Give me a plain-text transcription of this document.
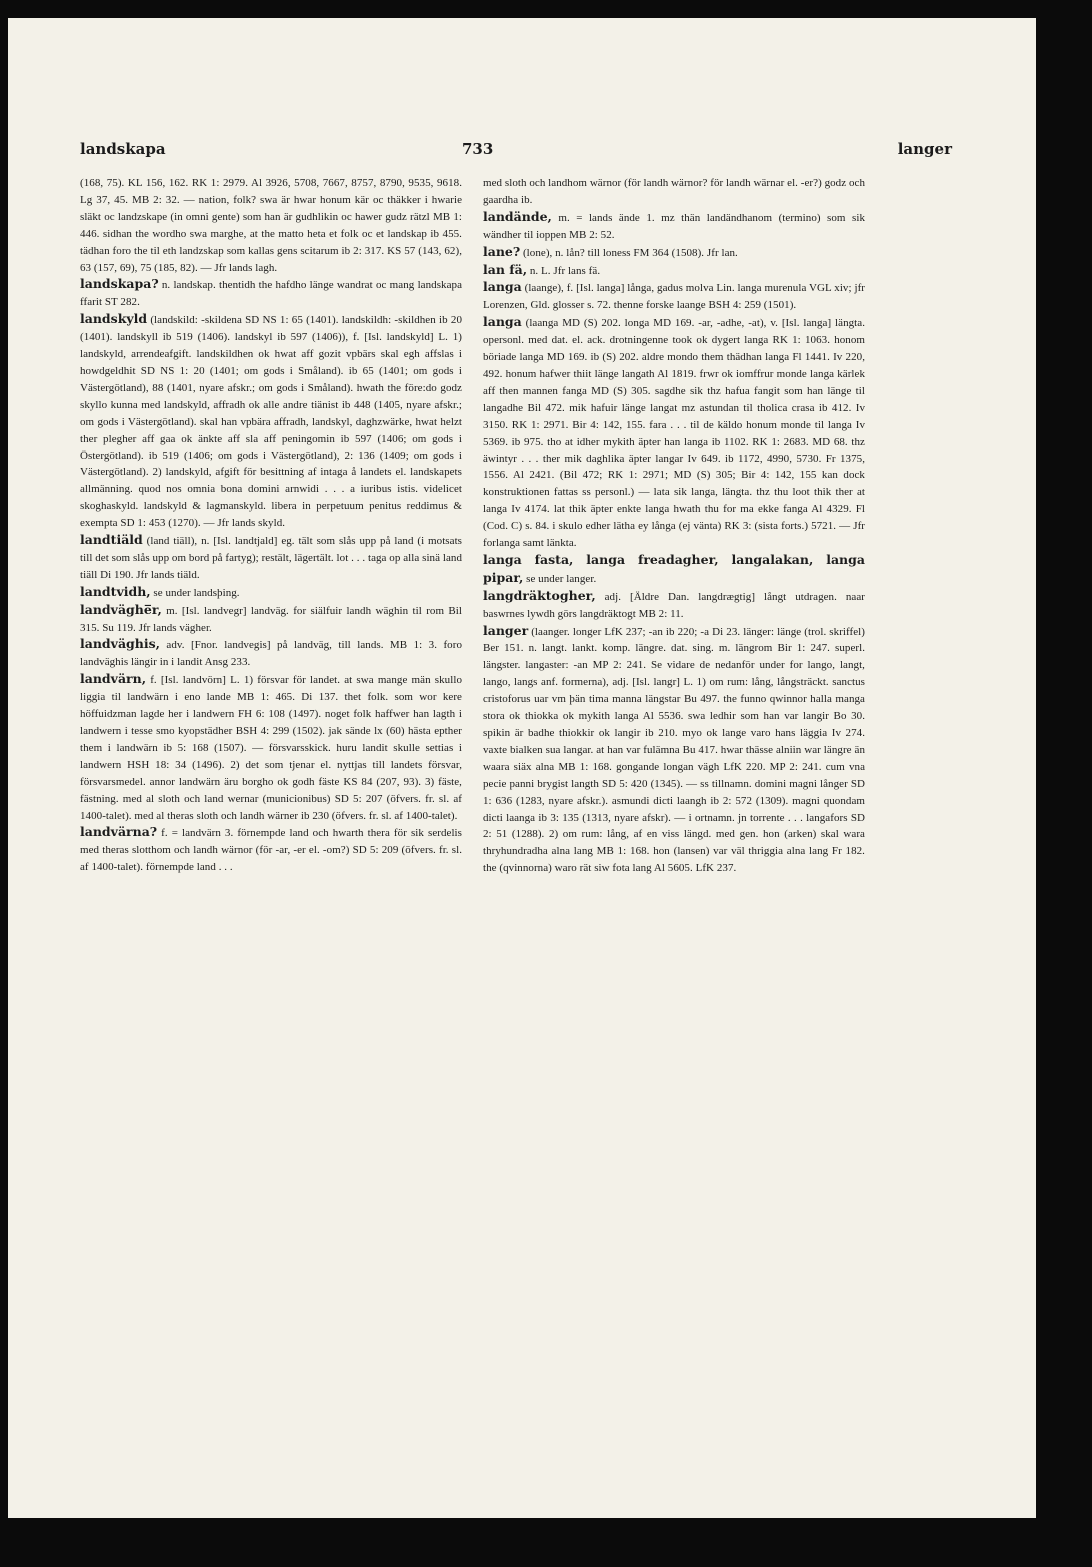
landskapa	733	langer

(168, 75). KL 156, 162. RK 1: 2979. Al 3926, 5708, 7667, 8757, 8790, 9535, 9618. Lg 37, 45. MB 2: 32. — nation, folk? swa är hwar honum kär oc thäkker i hwarie släkt oc landzskape (in omni gente) som han är gudhlikin oc hawer gudz rätzl MB 1: 446. sidhan the wordho swa marghe, at the matto heta et folk oc et landskap ib 455. tädhan foro the til eth landzskap som kallas gens scitarum ib 2: 317. KS 57 (143, 62), 63 (157, 69), 75 (185, 82). — Jfr lands lagh.

landskapa? n. landskap. thentidh the hafdho länge wandrat oc mang landskapa ffarit ST 282.

landskyld (landskild: -skildena SD NS 1: 65 (1401). landskildh: -skildhen ib 20 (1401). landskyll ib 519 (1406). landskyl ib 597 (1406)), f. [Isl. landskyld] L. 1) landskyld, arrendeafgift. landskildhen ok hwat aff gozit vpbärs skal egh affslas i howdgeldhit SD NS 1: 20 (1401; om gods i Småland). ib 65 (1401; om gods i Västergötland), 88 (1401, nyare afskr.; om gods i Småland). hwath the före:do godz skyllo kunna med landskyld, affradh ok alle andre tiänist ib 448 (1405, nyare afskr.; om gods i Västergötland). skal han vpbära affradh, landskyl, daghzwärke, hwat helzt ther plegher aff gaa ok änkte aff sla aff peningomin ib 597 (1406; om gods i Östergötland). ib 519 (1406; om gods i Västergötland), 2: 136 (1409; om gods i Västergötland). 2) landskyld, afgift för besittning af intaga å landets el. landskapets allmänning. quod nos omnia bona domini arnwidi . . . a iuribus istis. videlicet skoghaskyld. landskyld & lagmanskyld. libera in perpetuum penitus reddimus & exempta SD 1: 453 (1270). — Jfr lands skyld.

landtiäld (land tiäll), n. [Isl. landtjald] eg. tält som slås upp på land (i motsats till det som slås upp om bord på fartyg); restält, lägertält. lot . . . taga op alla sinä land tiäll Di 190. Jfr lands tiäld.

landtvidh, se under landsþing.

landväghe̅r, m. [Isl. landvegr] landväg. for siälfuir landh wäghin til rom Bil 315. Su 119. Jfr lands vägher.

landväghis, adv. [Fnor. landvegis] på landväg, till lands. MB 1: 3. foro landväghis längir in i landit Ansg 233.

landvärn, f. [Isl. landvörn] L. 1) försvar för landet. at swa mange män skullo liggia til landwärn i eno lande MB 1: 465. Di 137. thet folk. som wor kere höffuidzman lagde her i landwern FH 6: 108 (1497). noget folk haffwer han lagth i landwern i tesse smo kyopstädher BSH 4: 299 (1502). jak sände lx (60) hästa epther them i landwärn ib 5: 168 (1507). — försvarsskick. huru landit skulle settias i landwern HSH 18: 34 (1496). 2) det som tjenar el. nyttjas till landets försvar, försvarsmedel. annor landwärn äru borgho ok godh fäste KS 84 (207, 93). 3) fäste, fästning. med al sloth och land wernar (municionibus) SD 5: 207 (öfvers. fr. sl. af 1400-talet). med al theras sloth och landh wärner ib 230 (öfvers. fr. sl. af 1400-talet).

landvärna? f. = landvärn 3. förnempde land och hwarth thera för sik serdelis med theras slotthom och landh wärnor (för -ar, -er el. -om?) SD 5: 209 (öfvers. fr. sl. af 1400-talet). förnempde land . . .

med sloth och landhom wärnor (för landh wärnor? för landh wärnar el. -er?) godz och gaardha ib.

landände, m. = lands ände 1. mz thän landändhanom (termino) som sik wändher til ioppen MB 2: 52.

lane? (lone), n. lån? till loness FM 364 (1508). Jfr lan.

lan fä, n. L. Jfr lans fä.

langa (laange), f. [Isl. langa] långa, gadus molva Lin. langa murenula VGL xiv; jfr Lorenzen, Gld. glosser s. 72. thenne forske laange BSH 4: 259 (1501).

langa (laanga MD (S) 202. longa MD 169. -ar, -adhe, -at), v. [Isl. langa] längta. opersonl. med dat. el. ack. drotningenne took ok dygert langa RK 1: 1063. honom böriade langa MD 169. ib (S) 202. aldre mondo them thädhan langa Fl 1441. Iv 220, 492. honum hafwer thiit länge langath Al 1819. frwr ok iomffrur monde langa kärlek aff then mannen fanga MD (S) 305. sagdhe sik thz hafua fangit som han länge til langadhe Bil 472. mik hafuir länge langat mz astundan til tholica crasa ib 412. Iv 3150. RK 1: 2971. Bir 4: 142, 155. fara . . . til de käldo honum monde til langa Iv 5369. ib 975. tho at idher mykith äpter han langa ib 1102. RK 1: 2683. MD 68. thz äwintyr . . . ther mik daghlika äpter langar Iv 649. ib 1172, 4990, 5730. Fr 1375, 1556. Al 2421. (Bil 472; RK 1: 2971; MD (S) 305; Bir 4: 142, 155 kan dock konstruktionen fattas ss personl.) — lata sik langa, längta. thz thu loot thik ther at langa Iv 4174. lat thik äpter enkte langa hwath thu for ma ekke fanga Al 4329. Fl (Cod. C) s. 84. i skulo edher lätha ey långa (ej vänta) RK 3: (sista forts.) 5721. — Jfr forlanga samt länkta.

langa fasta, langa freadagher, langalakan, langa pipar, se under langer.

langdräktogher, adj. [Äldre Dan. langdrægtig] långt utdragen. naar baswrnes lywdh görs langdräktogt MB 2: 11.

langer (laanger. longer LfK 237; -an ib 220; -a Di 23. länger: länge (trol. skriffel) Ber 151. n. langt. lankt. komp. längre. dat. sing. m. längrom Bir 1: 247. superl. längster. langaster: -an MP 2: 241. Se vidare de nedanför under for lango, langt, lango, langs anf. formerna), adj. [Isl. langr] L. 1) om rum: lång, långsträckt. sanctus cristoforus uar vm þän tima manna längstar Bu 497. the funno qwinnor halla manga stora ok thiokka ok mykith langa Al 5536. swa ledhir som han var langir Bo 30. spikin är badhe thiokkir ok langir ib 210. myo ok lange varo hans läggia Iv 274. vaxte bialken sua langar. at han var fulämna Bu 417. hwar thässe alniin war längre än waara siäx alna MB 1: 168. gongande longan vägh LfK 220. MP 2: 241. cum vna pecie panni brygist langth SD 5: 420 (1345). — ss tillnamn. domini magni långer SD 1: 636 (1283, nyare afskr.). asmundi dicti laangh ib 2: 572 (1309). magni quondam dicti laanga ib 3: 135 (1313, nyare afskr). — i ortnamn. jn torrente . . . langafors SD 2: 51 (1288). 2) om rum: lång, af en viss längd. med gen. hon (arken) skal wara thryhundradha alna lang MB 1: 168. hon (lansen) var väl thriggia alna lang Fr 182. the (qvinnorna) waro rät siw fota lang Al 5605. LfK 237.
